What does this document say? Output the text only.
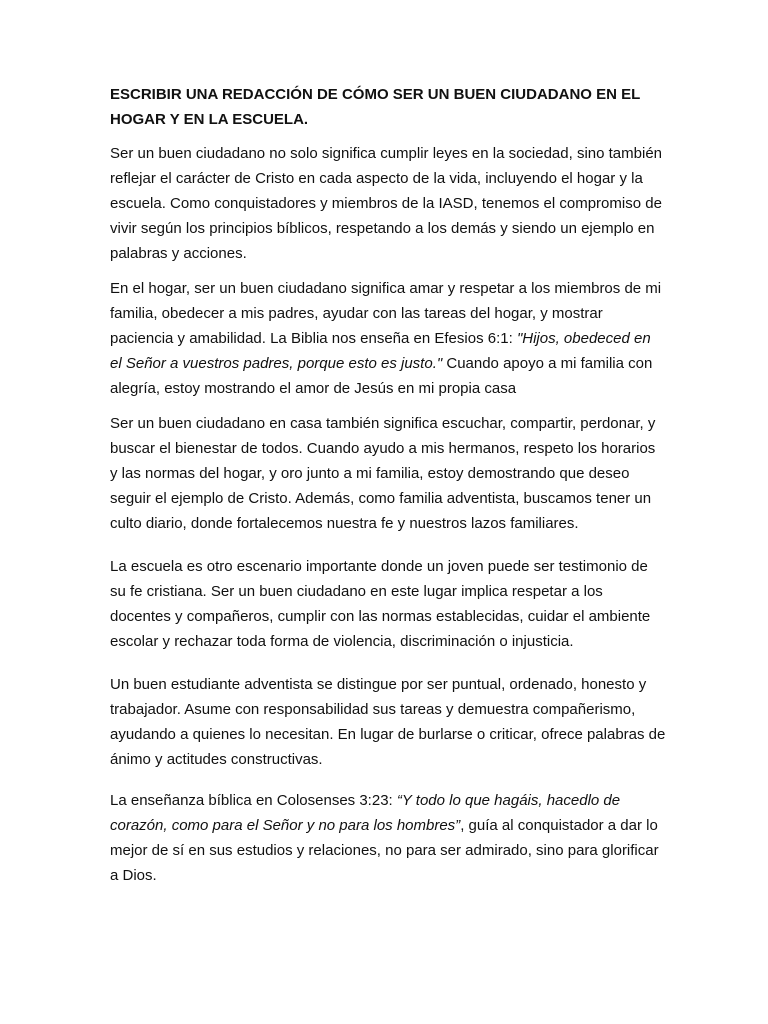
ESCRIBIR UNA REDACCIÓN DE CÓMO SER UN BUEN CIUDADANO EN EL HOGAR Y EN LA ESCUELA.

Ser un buen ciudadano no solo significa cumplir leyes en la sociedad, sino también reflejar el carácter de Cristo en cada aspecto de la vida, incluyendo el hogar y la escuela. Como conquistadores y miembros de la IASD, tenemos el compromiso de vivir según los principios bíblicos, respetando a los demás y siendo un ejemplo en palabras y acciones.

En el hogar, ser un buen ciudadano significa amar y respetar a los miembros de mi familia, obedecer a mis padres, ayudar con las tareas del hogar, y mostrar paciencia y amabilidad. La Biblia nos enseña en Efesios 6:1: "Hijos, obedeced en el Señor a vuestros padres, porque esto es justo." Cuando apoyo a mi familia con alegría, estoy mostrando el amor de Jesús en mi propia casa

Ser un buen ciudadano en casa también significa escuchar, compartir, perdonar, y buscar el bienestar de todos. Cuando ayudo a mis hermanos, respeto los horarios y las normas del hogar, y oro junto a mi familia, estoy demostrando que deseo seguir el ejemplo de Cristo. Además, como familia adventista, buscamos tener un culto diario, donde fortalecemos nuestra fe y nuestros lazos familiares.

La escuela es otro escenario importante donde un joven puede ser testimonio de su fe cristiana. Ser un buen ciudadano en este lugar implica respetar a los docentes y compañeros, cumplir con las normas establecidas, cuidar el ambiente escolar y rechazar toda forma de violencia, discriminación o injusticia.

Un buen estudiante adventista se distingue por ser puntual, ordenado, honesto y trabajador. Asume con responsabilidad sus tareas y demuestra compañerismo, ayudando a quienes lo necesitan. En lugar de burlarse o criticar, ofrece palabras de ánimo y actitudes constructivas.

La enseñanza bíblica en Colosenses 3:23: “Y todo lo que hagáis, hacedlo de corazón, como para el Señor y no para los hombres”, guía al conquistador a dar lo mejor de sí en sus estudios y relaciones, no para ser admirado, sino para glorificar a Dios.
